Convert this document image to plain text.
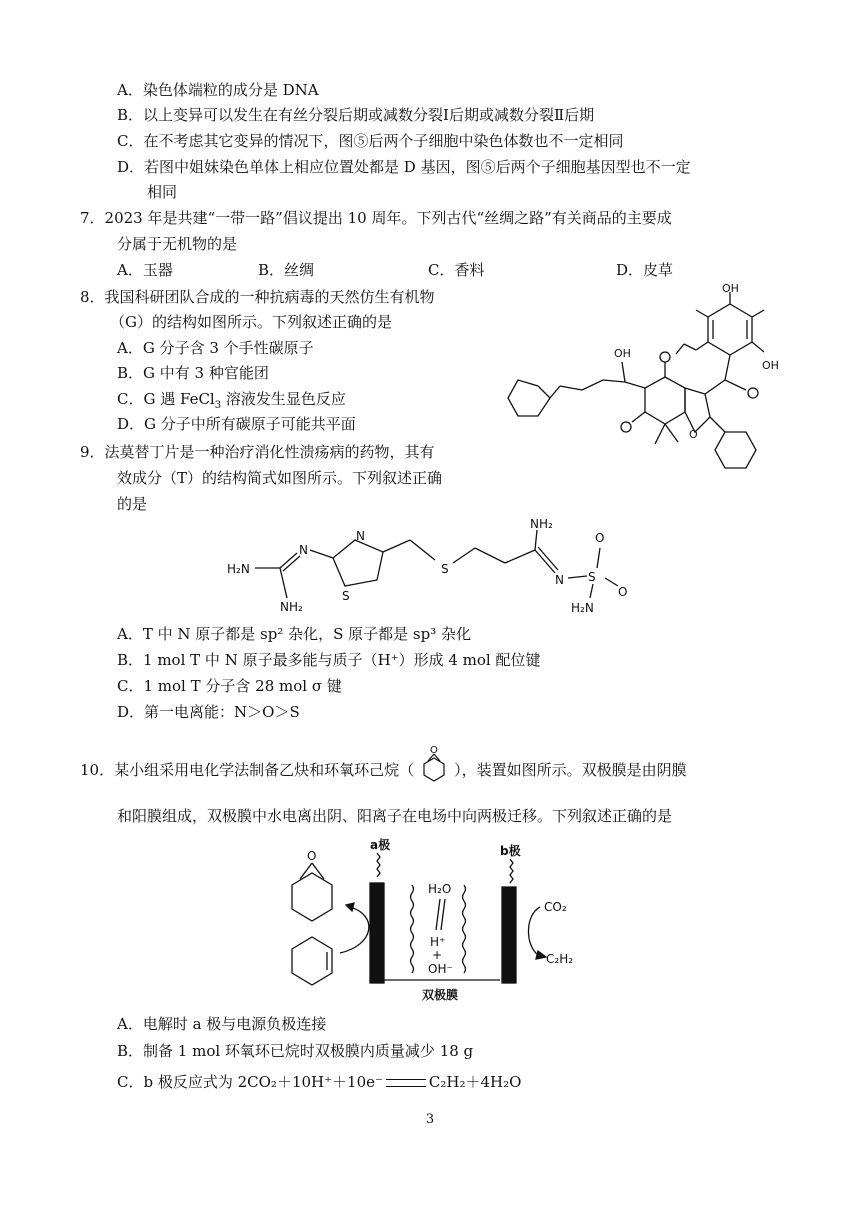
A．染色体端粒的成分是 DNA
B．以上变异可以发生在有丝分裂后期或减数分裂Ⅰ后期或减数分裂Ⅱ后期
C．在不考虑其它变异的情况下，图⑤后两个子细胞中染色体数也不一定相同
D．若图中姐妹染色单体上相应位置处都是 D 基因，图⑤后两个子细胞基因型也不一定
相同
7．2023 年是共建“一带一路”倡议提出 10 周年。下列古代“丝绸之路”有关商品的主要成
分属于无机物的是
A．玉器	B．丝绸	C．香料	D．皮草
8．我国科研团队合成的一种抗病毒的天然仿生有机物
（G）的结构如图所示。下列叙述正确的是
A．G 分子含 3 个手性碳原子
B．G 中有 3 种官能团
C．G 遇 FeCl$_3$ 溶液发生显色反应
D．G 分子中所有碳原子可能共平面
OH
OH
O
OH
9．法莫替丁片是一种治疗消化性溃疡病的药物，其有
效成分（T）的结构简式如图所示。下列叙述正确
的是
H₂N
NH₂
N
N
S
S
NH₂
N S
O
O
H₂N
A．T 中 N 原子都是 sp² 杂化，S 原子都是 sp³ 杂化
B．1 mol T 中 N 原子最多能与质子（H⁺）形成 4 mol 配位键
C．1 mol T 分子含 28 mol σ 键
D．第一电离能：N＞O＞S
10．某小组采用电化学法制备乙炔和环氧环己烷（
O
），装置如图所示。双极膜是由阴膜
和阳膜组成，双极膜中水电离出阴、阳离子在电场中向两极迁移。下列叙述正确的是
O
a极
H₂O
H⁺
+
OH⁻
b极
CO₂
C₂H₂
双极膜
A．电解时 a 极与电源负极连接
B．制备 1 mol 环氧环已烷时双极膜内质量减少 18 g
C．b 极反应式为 2CO₂＋10H⁺＋10e⁻	C₂H₂＋4H₂O
3
